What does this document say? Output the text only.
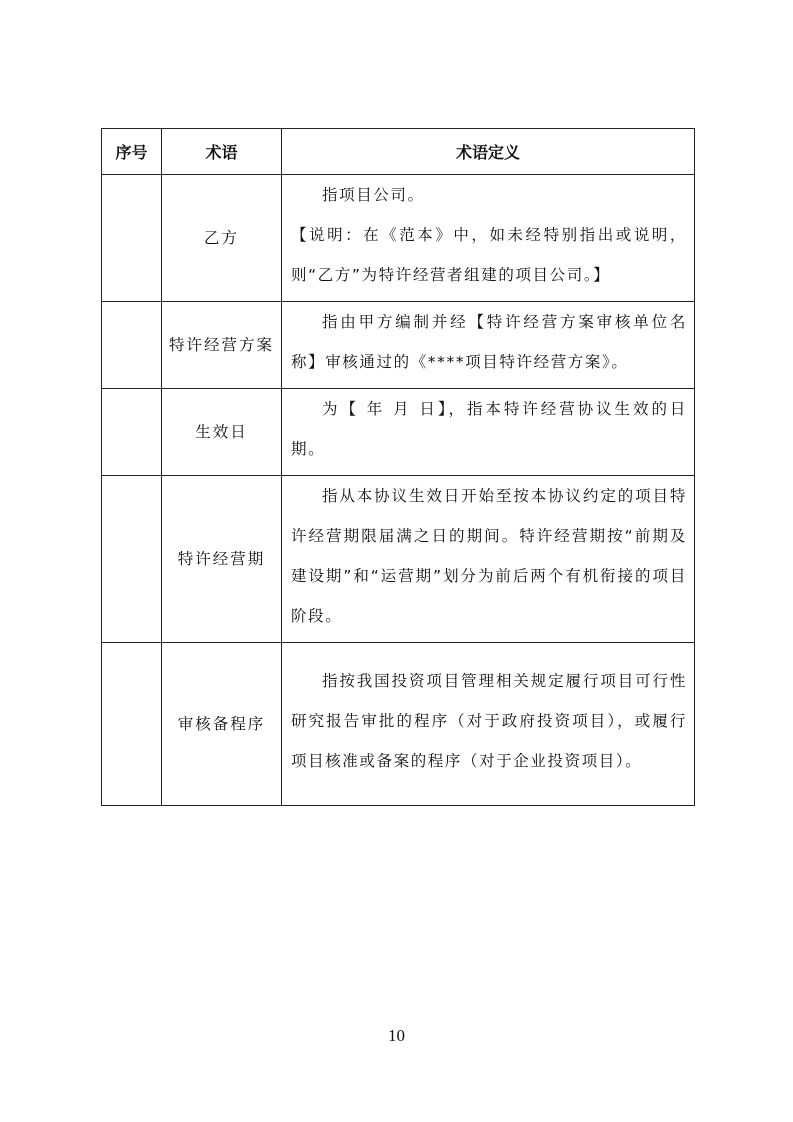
序号	术语	术语定义
	乙方	指项目公司。

【说明：在《范本》中，如未经特别指出或说明，则“乙方”为特许经营者组建的项目公司。】

	特许经营方案	指由甲方编制并经【特许经营方案审核单位名称】审核通过的《****项目特许经营方案》。

	生效日	为【 年 月 日】，指本特许经营协议生效的日期。

	特许经营期	指从本协议生效日开始至按本协议约定的项目特许经营期限届满之日的期间。特许经营期按“前期及建设期”和“运营期”划分为前后两个有机衔接的项目阶段。

	审核备程序	指按我国投资项目管理相关规定履行项目可行性研究报告审批的程序（对于政府投资项目），或履行项目核准或备案的程序（对于企业投资项目）。

10
